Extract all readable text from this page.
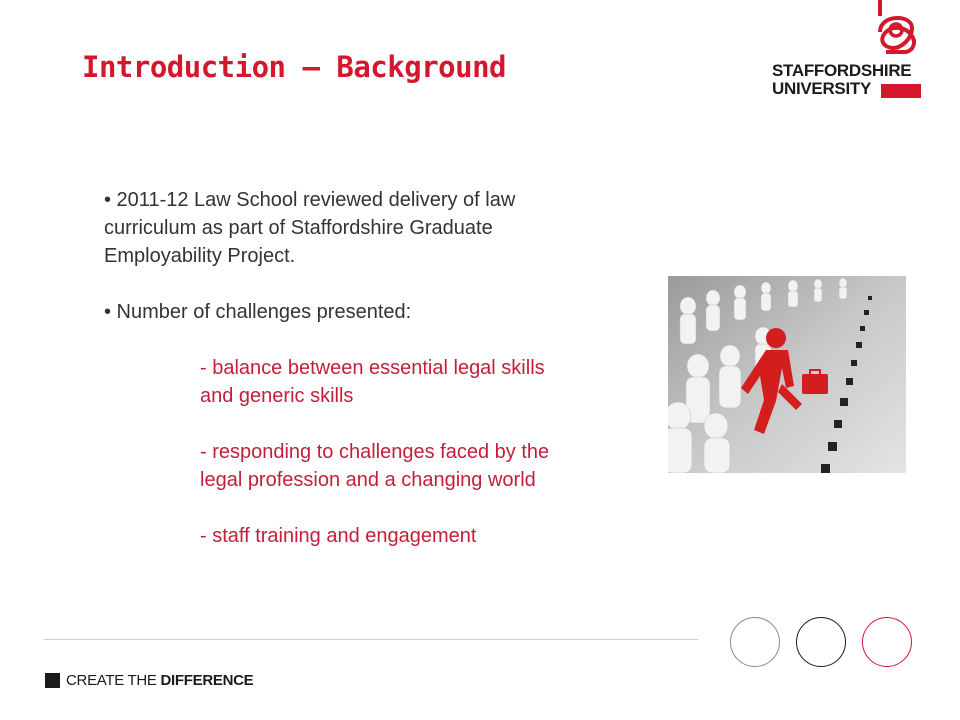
Introduction – Background	STAFFORDSHIRE
UNIVERSITY

• 2011-12 Law School reviewed delivery of law curriculum as part of Staffordshire Graduate Employability Project.

• Number of challenges presented:

- balance between essential legal skills and generic skills

- responding to challenges faced by the legal profession and a changing world

- staff training and engagement

CREATE THE DIFFERENCE
